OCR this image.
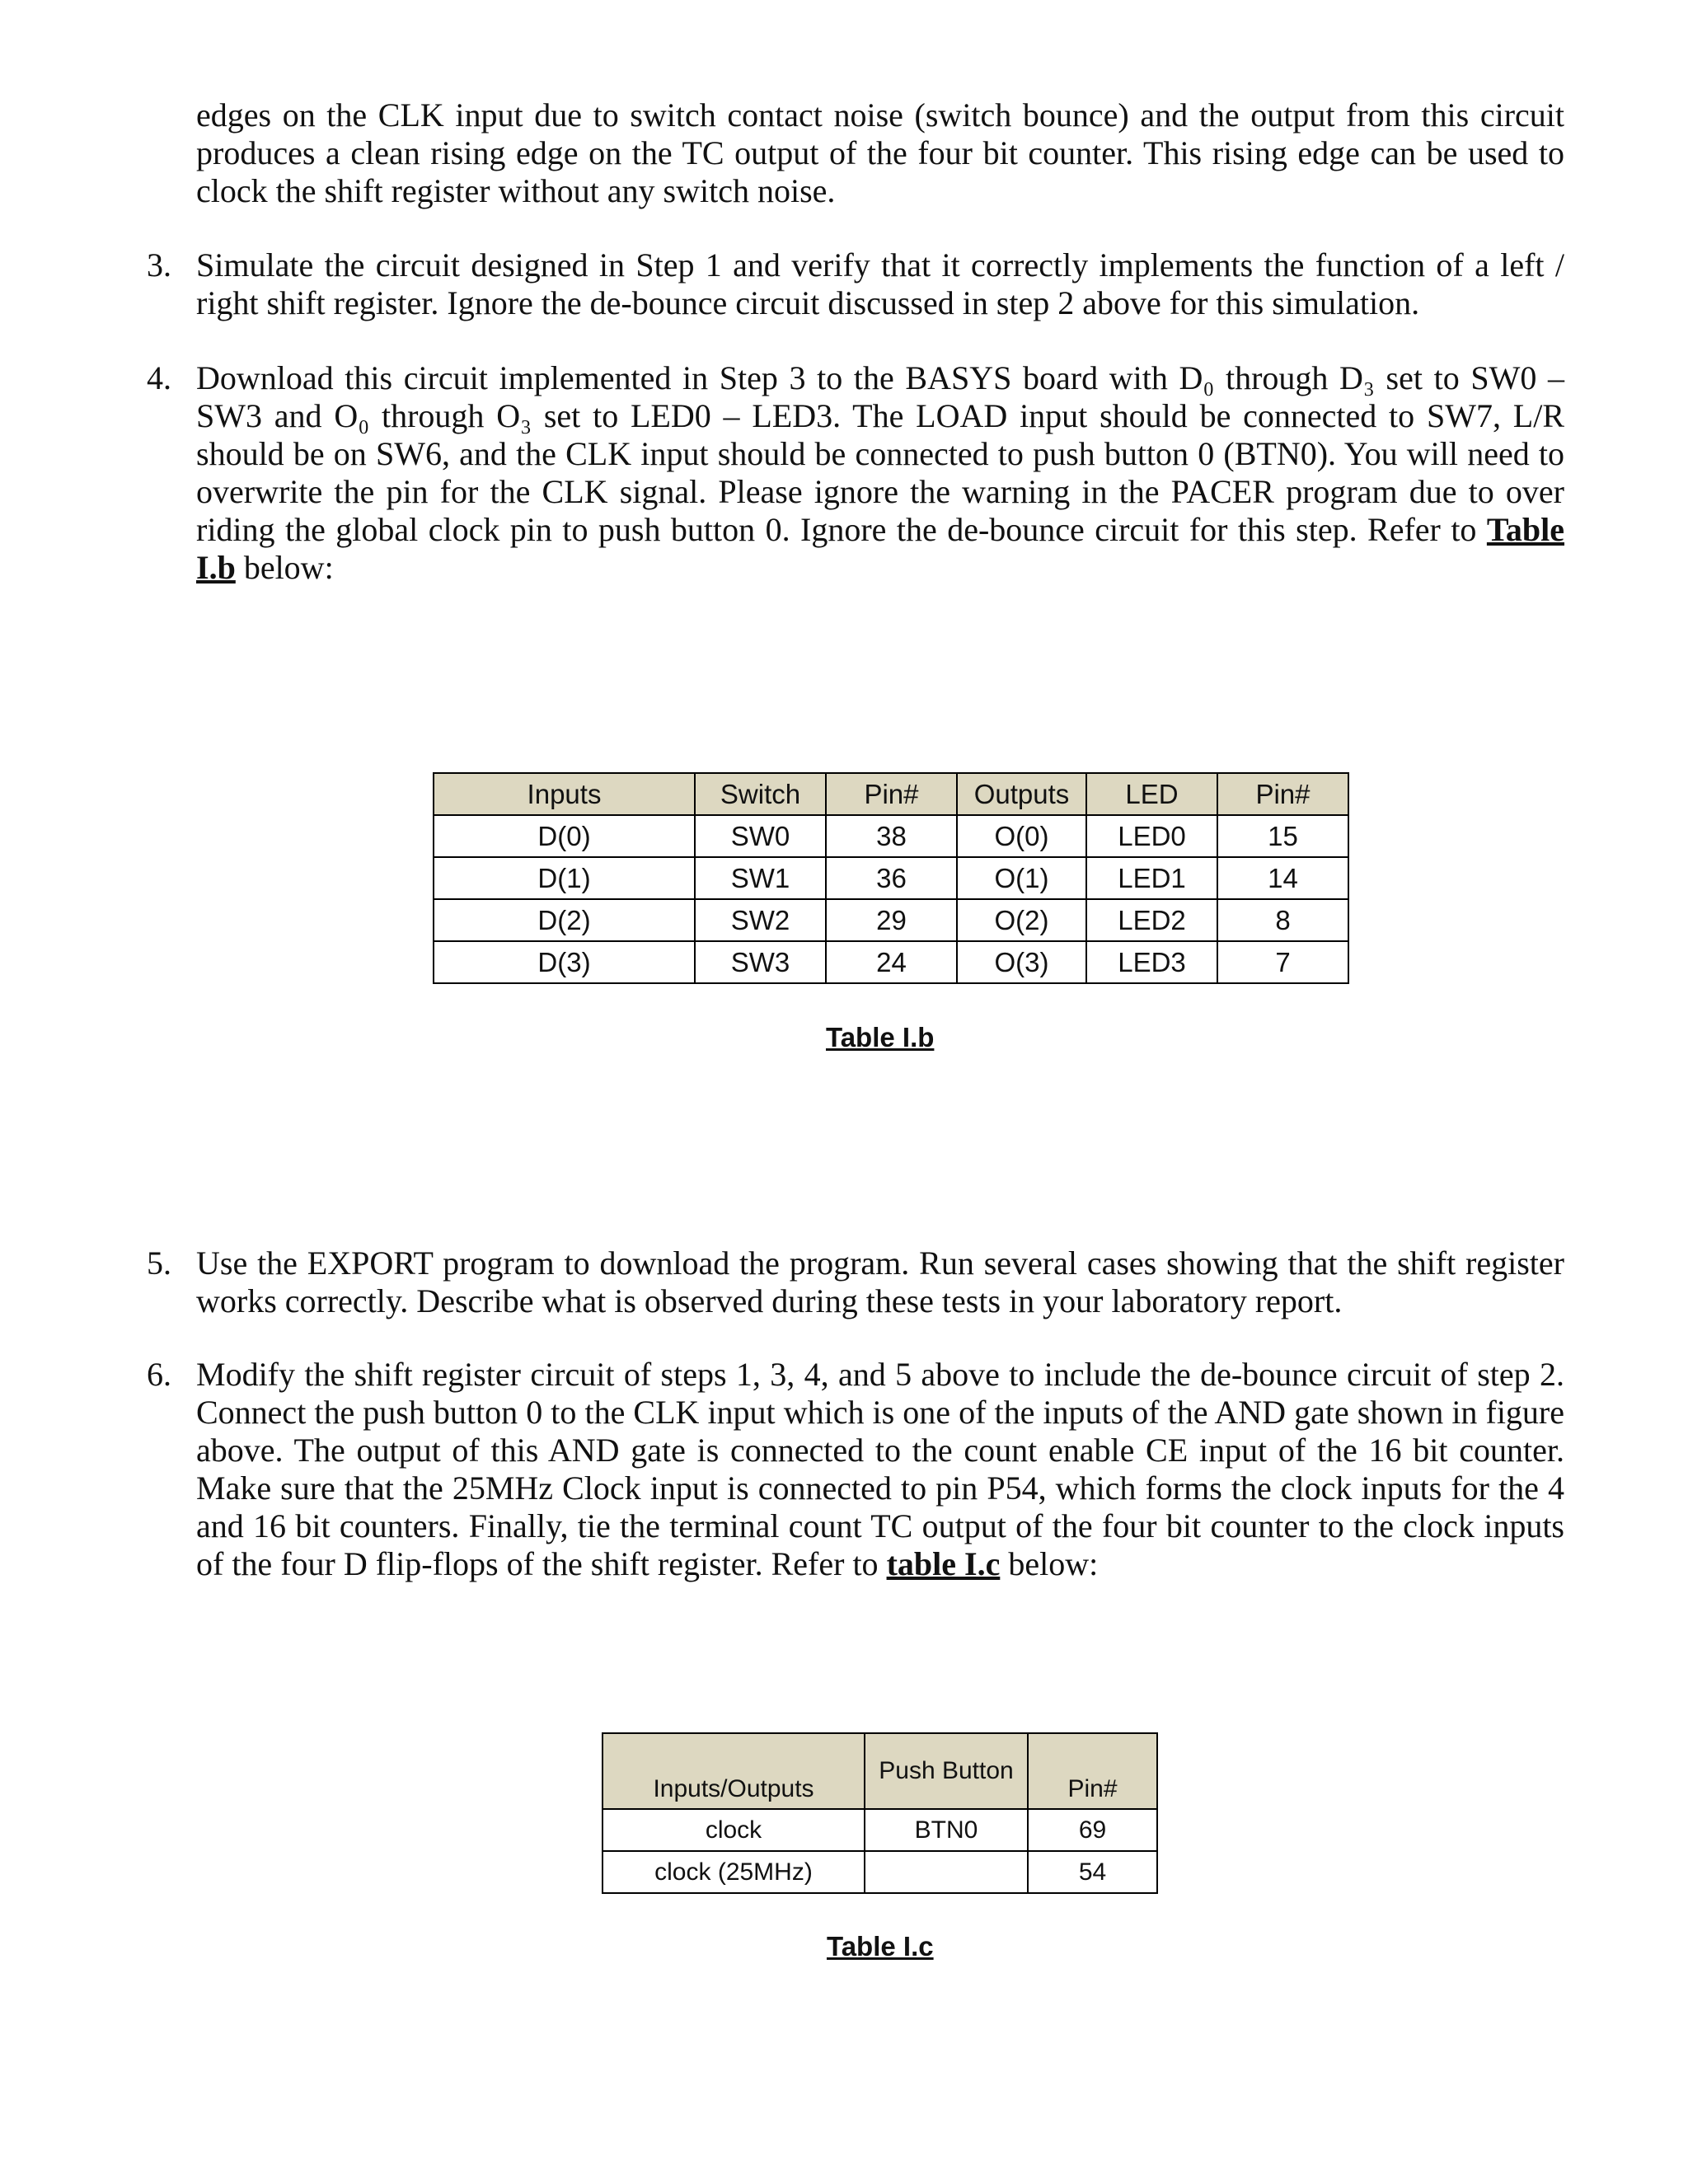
edges on the CLK input due to switch contact noise (switch bounce) and the output from this circuit produces a clean rising edge on the TC output of the four bit counter. This rising edge can be used to clock the shift register without any switch noise.
3. Simulate the circuit designed in Step 1 and verify that it correctly implements the function of a left / right shift register. Ignore the de-bounce circuit discussed in step 2 above for this simulation.
4. Download this circuit implemented in Step 3 to the BASYS board with D₀ through D₃ set to SW0 – SW3 and O₀ through O₃ set to LED0 – LED3. The LOAD input should be connected to SW7, L/R should be on SW6, and the CLK input should be connected to push button 0 (BTN0). You will need to overwrite the pin for the CLK signal. Please ignore the warning in the PACER program due to over riding the global clock pin to push button 0. Ignore the de-bounce circuit for this step. Refer to Table I.b below:
Inputs	Switch	Pin#	Outputs	LED	Pin#
D(0)	SW0	38	O(0)	LED0	15
D(1)	SW1	36	O(1)	LED1	14
D(2)	SW2	29	O(2)	LED2	8
D(3)	SW3	24	O(3)	LED3	7
Table I.b
5. Use the EXPORT program to download the program. Run several cases showing that the shift register works correctly. Describe what is observed during these tests in your laboratory report.
6. Modify the shift register circuit of steps 1, 3, 4, and 5 above to include the de-bounce circuit of step 2. Connect the push button 0 to the CLK input which is one of the inputs of the AND gate shown in figure above. The output of this AND gate is connected to the count enable CE input of the 16 bit counter. Make sure that the 25MHz Clock input is connected to pin P54, which forms the clock inputs for the 4 and 16 bit counters. Finally, tie the terminal count TC output of the four bit counter to the clock inputs of the four D flip-flops of the shift register. Refer to table I.c below:
Inputs/Outputs	Push Button	Pin#
clock	BTN0	69
clock (25MHz)		54
Table I.c
